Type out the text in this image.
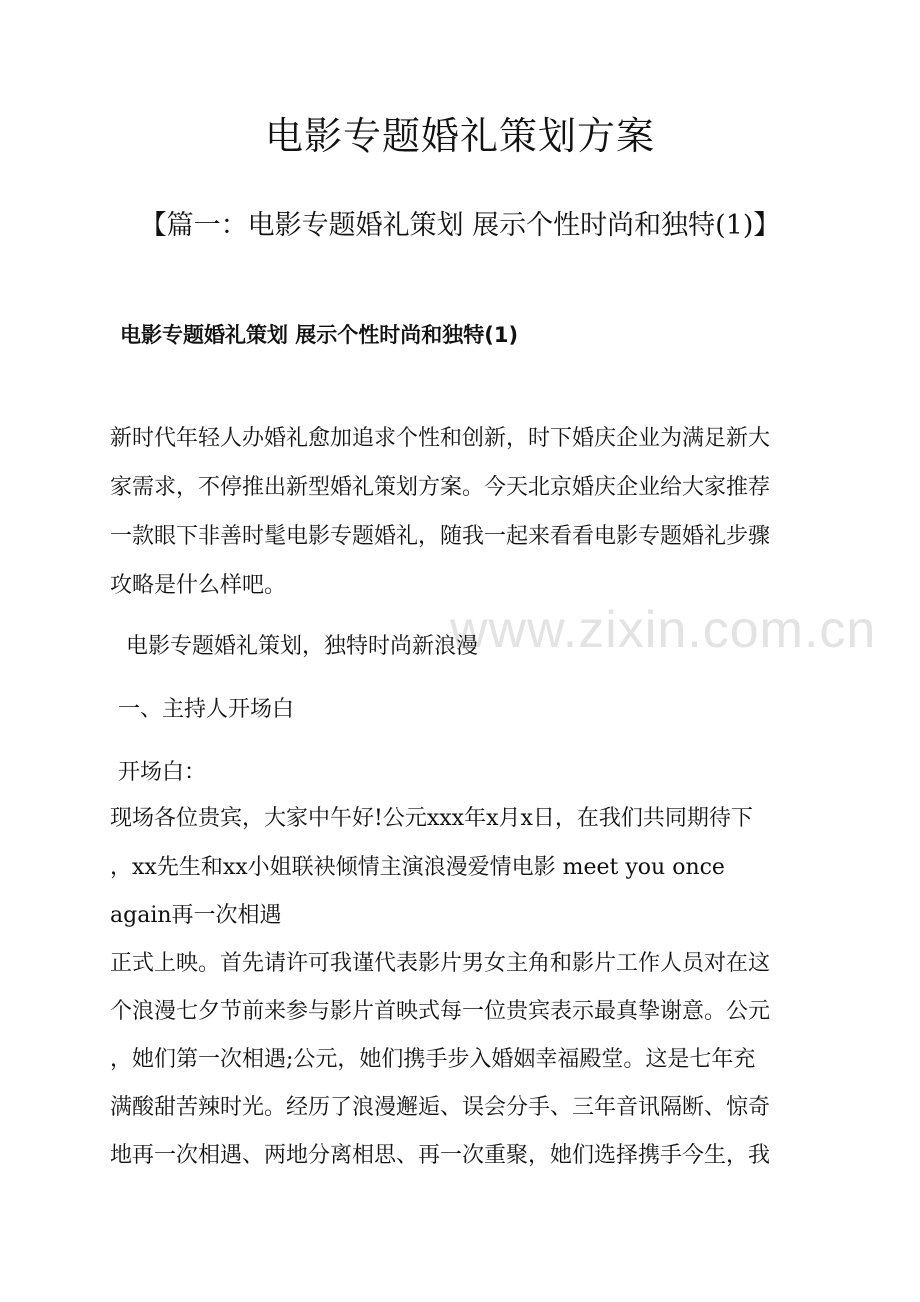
www.zixin.com.cn
电影专题婚礼策划方案

【篇一：电影专题婚礼策划 展示个性时尚和独特(1)】

电影专题婚礼策划 展示个性时尚和独特(1)

新时代年轻人办婚礼愈加追求个性和创新，时下婚庆企业为满足新大

家需求，不停推出新型婚礼策划方案。今天北京婚庆企业给大家推荐

一款眼下非善时髦电影专题婚礼，随我一起来看看电影专题婚礼步骤

攻略是什么样吧。

电影专题婚礼策划，独特时尚新浪漫

一、主持人开场白

开场白：

现场各位贵宾，大家中午好!公元xxx年x月x日，在我们共同期待下

，xx先生和xx小姐联袂倾情主演浪漫爱情电影 meet you once

again再一次相遇

正式上映。首先请许可我谨代表影片男女主角和影片工作人员对在这

个浪漫七夕节前来参与影片首映式每一位贵宾表示最真挚谢意。公元

，她们第一次相遇;公元，她们携手步入婚姻幸福殿堂。这是七年充

满酸甜苦辣时光。经历了浪漫邂逅、误会分手、三年音讯隔断、惊奇

地再一次相遇、两地分离相思、再一次重聚，她们选择携手今生，我
